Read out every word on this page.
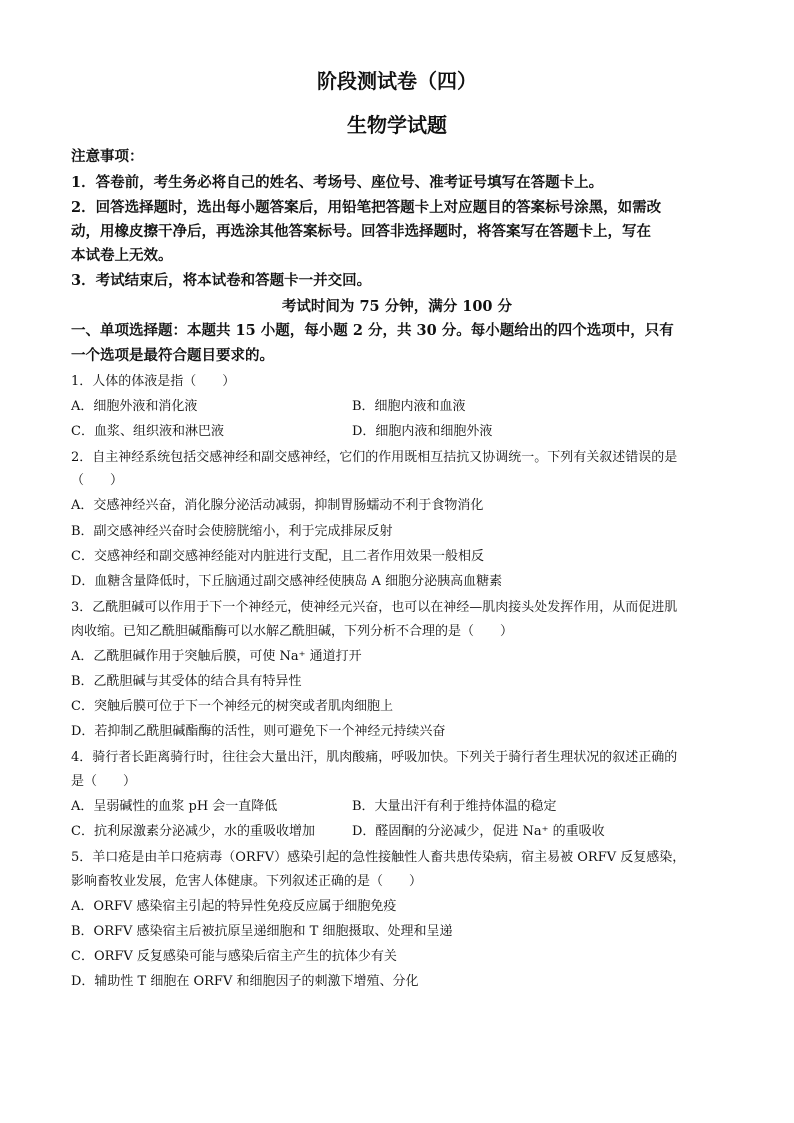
阶段测试卷（四）
生物学试题
注意事项：
1．答卷前，考生务必将自己的姓名、考场号、座位号、准考证号填写在答题卡上。
2．回答选择题时，选出每小题答案后，用铅笔把答题卡上对应题目的答案标号涂黑，如需改
动，用橡皮擦干净后，再选涂其他答案标号。回答非选择题时，将答案写在答题卡上，写在
本试卷上无效。
3．考试结束后，将本试卷和答题卡一并交回。
考试时间为 75 分钟，满分 100 分
一、单项选择题：本题共 15 小题，每小题 2 分，共 30 分。每小题给出的四个选项中，只有
一个选项是最符合题目要求的。
1．人体的体液是指（　　）
A．细胞外液和消化液	B．细胞内液和血液
C．血浆、组织液和淋巴液	D．细胞内液和细胞外液
2．自主神经系统包括交感神经和副交感神经，它们的作用既相互拮抗又协调统一。下列有关叙述错误的是
（　　）
A．交感神经兴奋，消化腺分泌活动减弱，抑制胃肠蠕动不利于食物消化
B．副交感神经兴奋时会使膀胱缩小，利于完成排尿反射
C．交感神经和副交感神经能对内脏进行支配，且二者作用效果一般相反
D．血糖含量降低时，下丘脑通过副交感神经使胰岛 A 细胞分泌胰高血糖素
3．乙酰胆碱可以作用于下一个神经元，使神经元兴奋，也可以在神经—肌肉接头处发挥作用，从而促进肌
肉收缩。已知乙酰胆碱酯酶可以水解乙酰胆碱，下列分析不合理的是（　　）
A．乙酰胆碱作用于突触后膜，可使 Na⁺ 通道打开
B．乙酰胆碱与其受体的结合具有特异性
C．突触后膜可位于下一个神经元的树突或者肌肉细胞上
D．若抑制乙酰胆碱酯酶的活性，则可避免下一个神经元持续兴奋
4．骑行者长距离骑行时，往往会大量出汗，肌肉酸痛，呼吸加快。下列关于骑行者生理状况的叙述正确的
是（　　）
A．呈弱碱性的血浆 pH 会一直降低	B．大量出汗有利于维持体温的稳定
C．抗利尿激素分泌减少，水的重吸收增加	D．醛固酮的分泌减少，促进 Na⁺ 的重吸收
5．羊口疮是由羊口疮病毒（ORFV）感染引起的急性接触性人畜共患传染病，宿主易被 ORFV 反复感染，
影响畜牧业发展，危害人体健康。下列叙述正确的是（　　）
A．ORFV 感染宿主引起的特异性免疫反应属于细胞免疫
B．ORFV 感染宿主后被抗原呈递细胞和 T 细胞摄取、处理和呈递
C．ORFV 反复感染可能与感染后宿主产生的抗体少有关
D．辅助性 T 细胞在 ORFV 和细胞因子的刺激下增殖、分化
